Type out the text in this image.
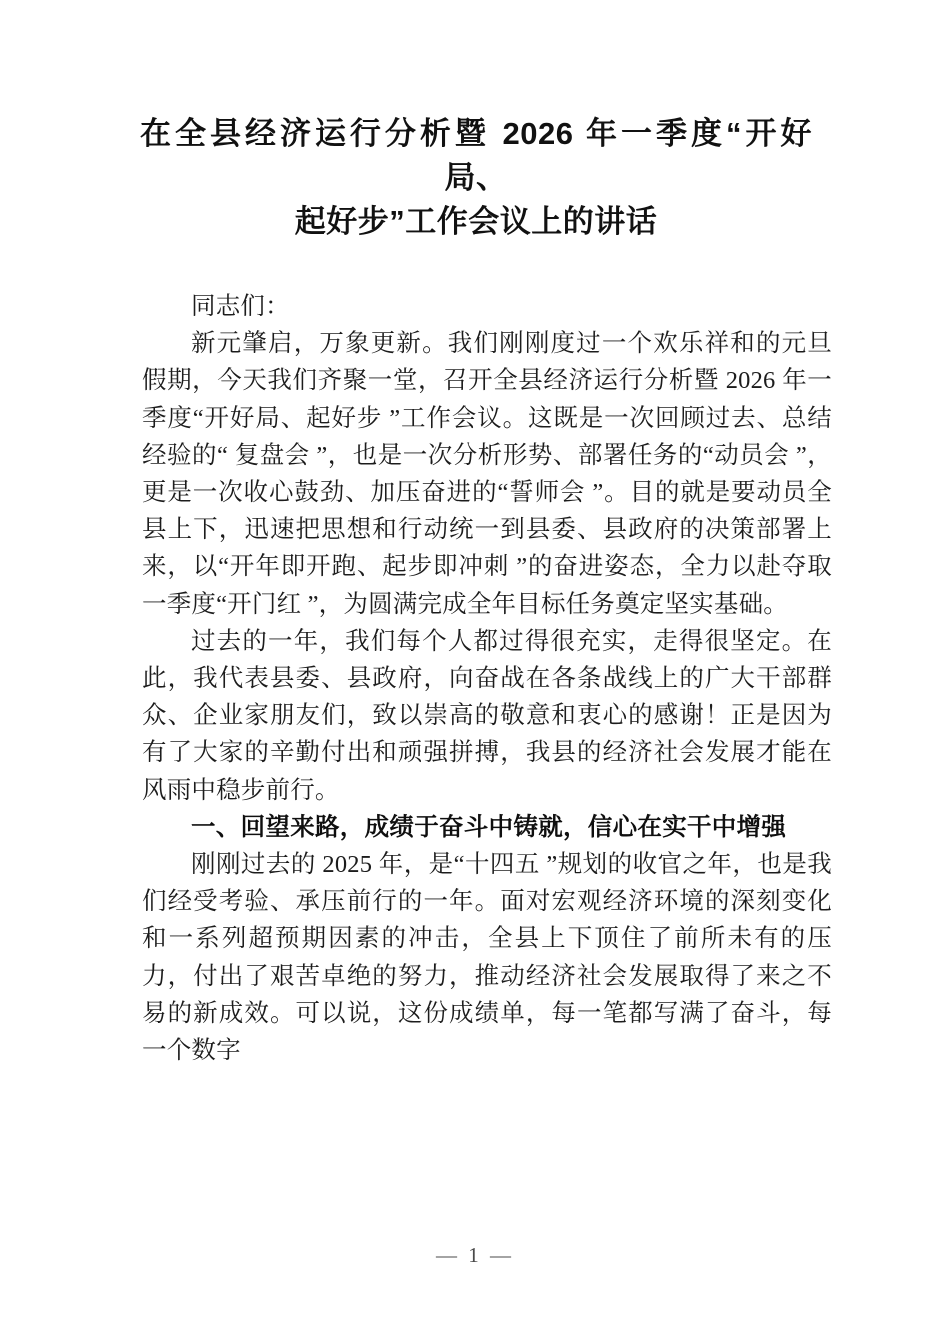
在全县经济运行分析暨 2026 年一季度“开好
局、
起好步”工作会议上的讲话

同志们：

新元肇启，万象更新。我们刚刚度过一个欢乐祥和的元旦假期，今天我们齐聚一堂，召开全县经济运行分析暨 2026 年一季度“开好局、起好步 ”工作会议。这既是一次回顾过去、总结经验的“ 复盘会 ”，也是一次分析形势、部署任务的“动员会 ”，更是一次收心鼓劲、加压奋进的“誓师会 ”。目的就是要动员全县上下，迅速把思想和行动统一到县委、县政府的决策部署上来，以“开年即开跑、起步即冲刺 ”的奋进姿态，全力以赴夺取一季度“开门红 ”，为圆满完成全年目标任务奠定坚实基础。

过去的一年，我们每个人都过得很充实，走得很坚定。在此，我代表县委、县政府，向奋战在各条战线上的广大干部群众、企业家朋友们，致以崇高的敬意和衷心的感谢！正是因为有了大家的辛勤付出和顽强拼搏，我县的经济社会发展才能在风雨中稳步前行。

一、回望来路，成绩于奋斗中铸就，信心在实干中增强

刚刚过去的 2025 年，是“十四五 ”规划的收官之年，也是我们经受考验、承压前行的一年。面对宏观经济环境的深刻变化和一系列超预期因素的冲击，全县上下顶住了前所未有的压力，付出了艰苦卓绝的努力，推动经济社会发展取得了来之不易的新成效。可以说，这份成绩单，每一笔都写满了奋斗，每一个数字

— 1 —
